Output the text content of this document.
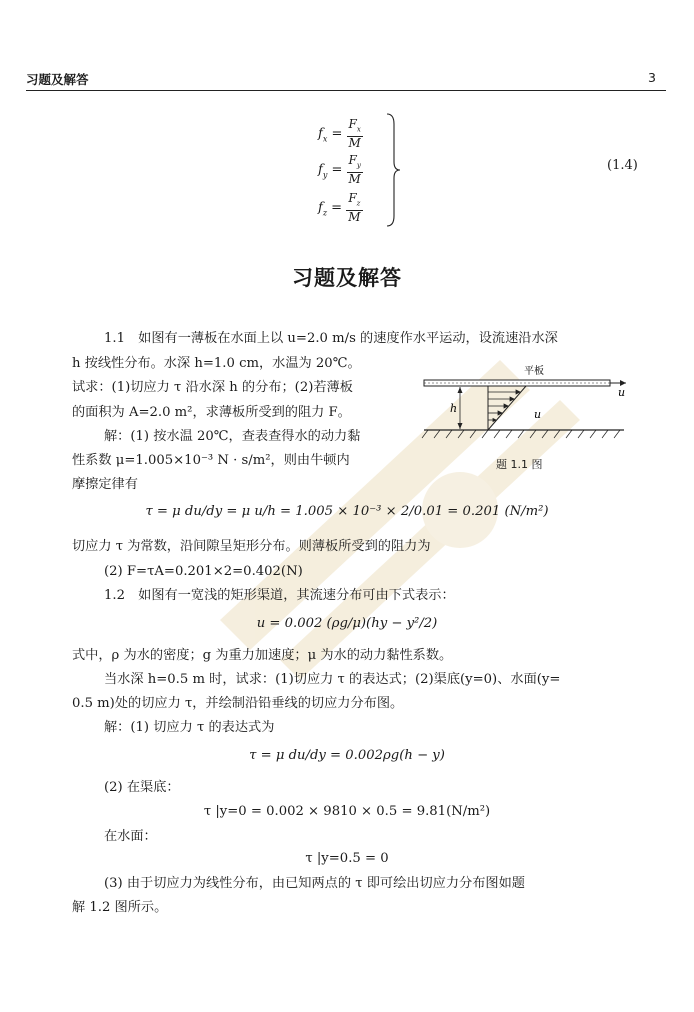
习题及解答	3
$f_x = \frac{F_x}{M}$
$f_y = \frac{F_y}{M}$
$f_z = \frac{F_z}{M}$
(1.4)
习题及解答
1.1　如图有一薄板在水面上以 u=2.0 m/s 的速度作水平运动，设流速沿水深
h 按线性分布。水深 h=1.0 cm，水温为 20℃。
试求：(1)切应力 τ 沿水深 h 的分布；(2)若薄板
的面积为 A=2.0 m²，求薄板所受到的阻力 F。
解：(1) 按水温 20℃，查表查得水的动力黏
性系数 μ=1.005×10⁻³ N · s/m²，则由牛顿内
摩擦定律有
h
平板
u
u
题 1.1 图
τ = μ du/dy = μ u/h = 1.005 × 10⁻³ × 2/0.01 = 0.201 (N/m²)
切应力 τ 为常数，沿间隙呈矩形分布。则薄板所受到的阻力为
(2) F=τA=0.201×2=0.402(N)
1.2　如图有一宽浅的矩形渠道，其流速分布可由下式表示：
u = 0.002 (ρg/μ)(hy − y²/2)
式中，ρ 为水的密度；g 为重力加速度；μ 为水的动力黏性系数。
当水深 h=0.5 m 时，试求：(1)切应力 τ 的表达式；(2)渠底(y=0)、水面(y=
0.5 m)处的切应力 τ，并绘制沿铅垂线的切应力分布图。
解：(1) 切应力 τ 的表达式为
τ = μ du/dy = 0.002ρg(h − y)
(2) 在渠底：
τ |y=0 = 0.002 × 9810 × 0.5 = 9.81(N/m²)
在水面：
τ |y=0.5 = 0
(3) 由于切应力为线性分布，由已知两点的 τ 即可绘出切应力分布图如题
解 1.2 图所示。
